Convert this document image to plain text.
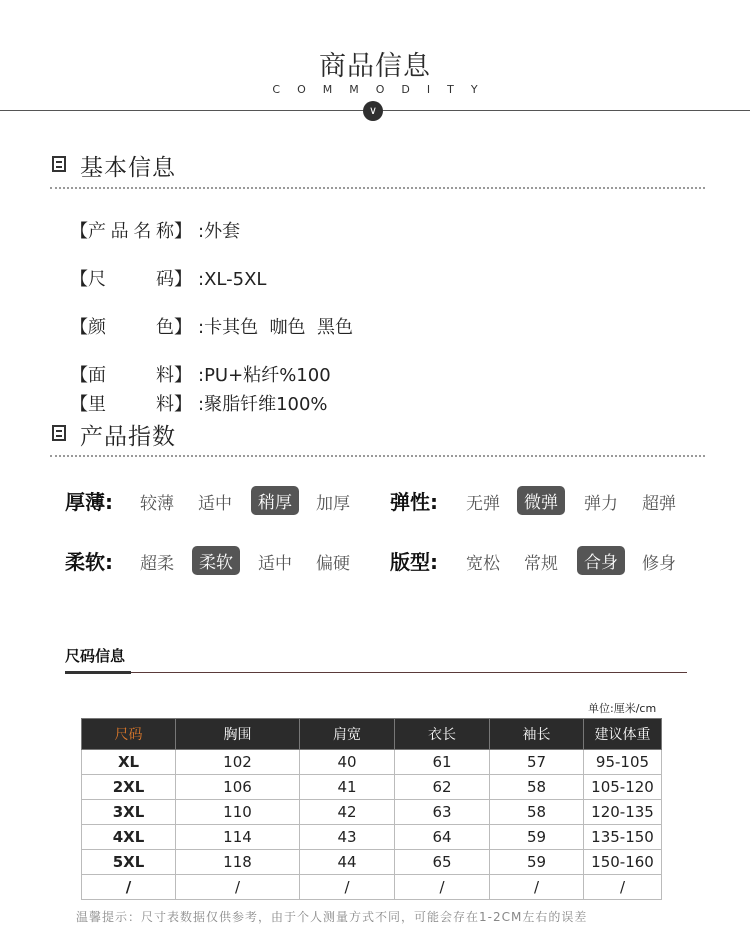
商品信息
COMMODITY
∨
基本信息
【 产 品 名 称 】 :外套
【 尺	码 】 :XL-5XL
【 颜	色 】 :卡其色  咖色  黑色
【 面	料 】 :PU+粘纤%100
【 里	料 】 :聚脂钎维100%
产品指数
厚薄: 较薄 适中	稍厚	加厚 弹性: 无弹	微弹	弹力 超弹
柔软: 超柔	柔软	适中 偏硬 版型: 宽松 常规	合身	修身
尺码信息
单位:厘米/cm
尺码	胸围	肩宽	衣长	袖长	建议体重
XL	102	40	61	57	95-105
2XL	106	41	62	58	105-120
3XL	110	42	63	58	120-135
4XL	114	43	64	59	135-150
5XL	118	44	65	59	150-160
/	/	/	/	/	/
温馨提示：尺寸表数据仅供参考，由于个人测量方式不同，可能会存在1-2CM左右的误差
